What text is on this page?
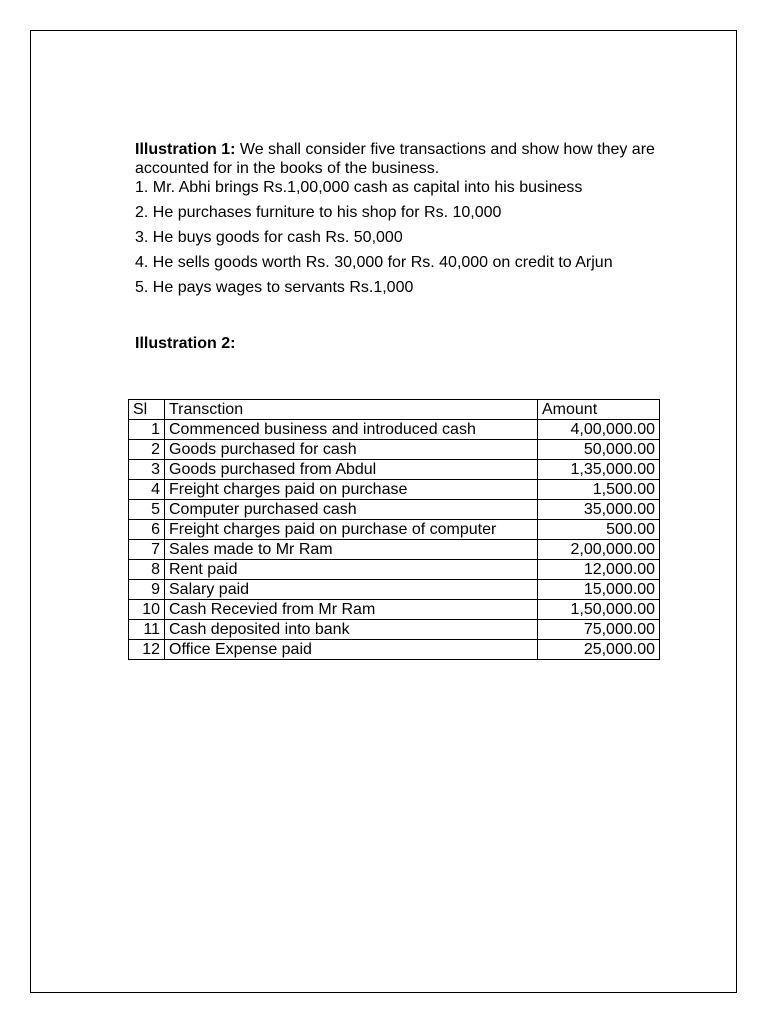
Illustration 1: We shall consider five transactions and show how they are accounted for in the books of the business.

1. Mr. Abhi brings Rs.1,00,000 cash as capital into his business
2. He purchases furniture to his shop for Rs. 10,000
3. He buys goods for cash Rs. 50,000
4. He sells goods worth Rs. 30,000 for Rs. 40,000 on credit to Arjun
5. He pays wages to servants Rs.1,000

Illustration 2:

Sl	Transction	Amount
1	Commenced business and introduced cash	4,00,000.00
2	Goods purchased for cash	50,000.00
3	Goods purchased from Abdul	1,35,000.00
4	Freight charges paid on purchase	1,500.00
5	Computer purchased cash	35,000.00
6	Freight charges paid on purchase of computer	500.00
7	Sales made to Mr Ram	2,00,000.00
8	Rent paid	12,000.00
9	Salary paid	15,000.00
10	Cash Recevied from Mr Ram	1,50,000.00
11	Cash deposited into bank	75,000.00
12	Office Expense paid	25,000.00
